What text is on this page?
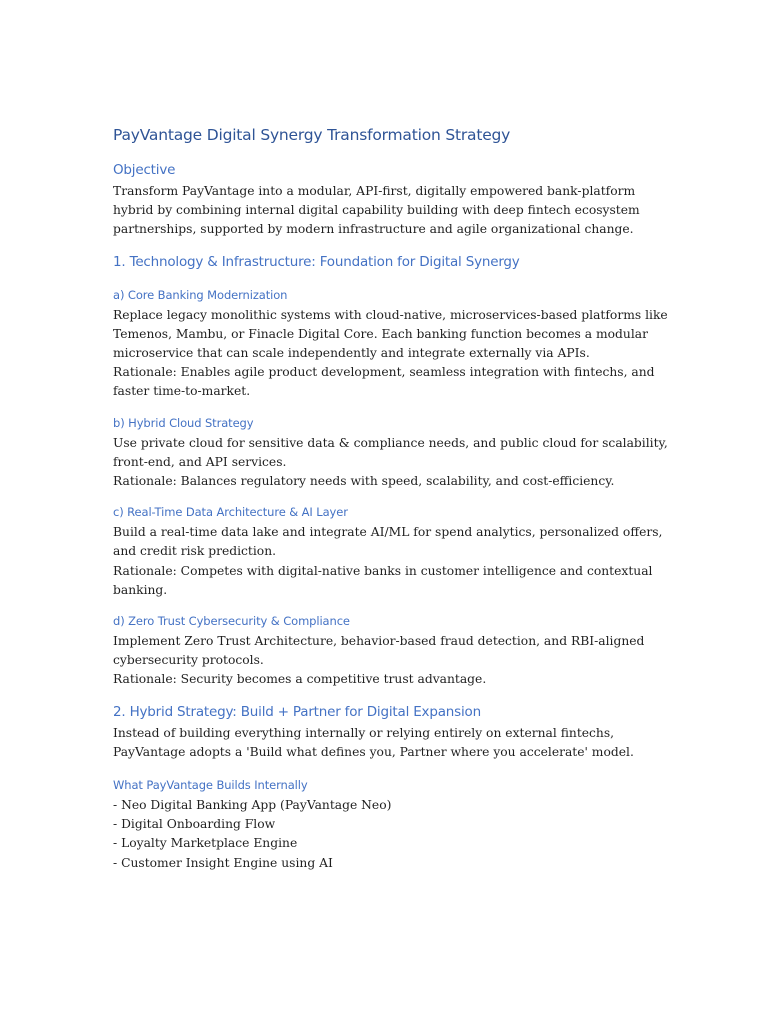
PayVantage Digital Synergy Transformation Strategy
Objective

Transform PayVantage into a modular, API-first, digitally empowered bank-platform hybrid by combining internal digital capability building with deep fintech ecosystem partnerships, supported by modern infrastructure and agile organizational change.

1. Technology & Infrastructure: Foundation for Digital Synergy
a) Core Banking Modernization

Replace legacy monolithic systems with cloud-native, microservices-based platforms like Temenos, Mambu, or Finacle Digital Core. Each banking function becomes a modular microservice that can scale independently and integrate externally via APIs.

Rationale: Enables agile product development, seamless integration with fintechs, and faster time-to-market.

b) Hybrid Cloud Strategy

Use private cloud for sensitive data & compliance needs, and public cloud for scalability, front-end, and API services.

Rationale: Balances regulatory needs with speed, scalability, and cost-efficiency.

c) Real-Time Data Architecture & AI Layer

Build a real-time data lake and integrate AI/ML for spend analytics, personalized offers, and credit risk prediction.

Rationale: Competes with digital-native banks in customer intelligence and contextual banking.

d) Zero Trust Cybersecurity & Compliance

Implement Zero Trust Architecture, behavior-based fraud detection, and RBI-aligned cybersecurity protocols.

Rationale: Security becomes a competitive trust advantage.

2. Hybrid Strategy: Build + Partner for Digital Expansion

Instead of building everything internally or relying entirely on external fintechs, PayVantage adopts a 'Build what defines you, Partner where you accelerate' model.

What PayVantage Builds Internally
- Neo Digital Banking App (PayVantage Neo)
- Digital Onboarding Flow
- Loyalty Marketplace Engine
- Customer Insight Engine using AI
